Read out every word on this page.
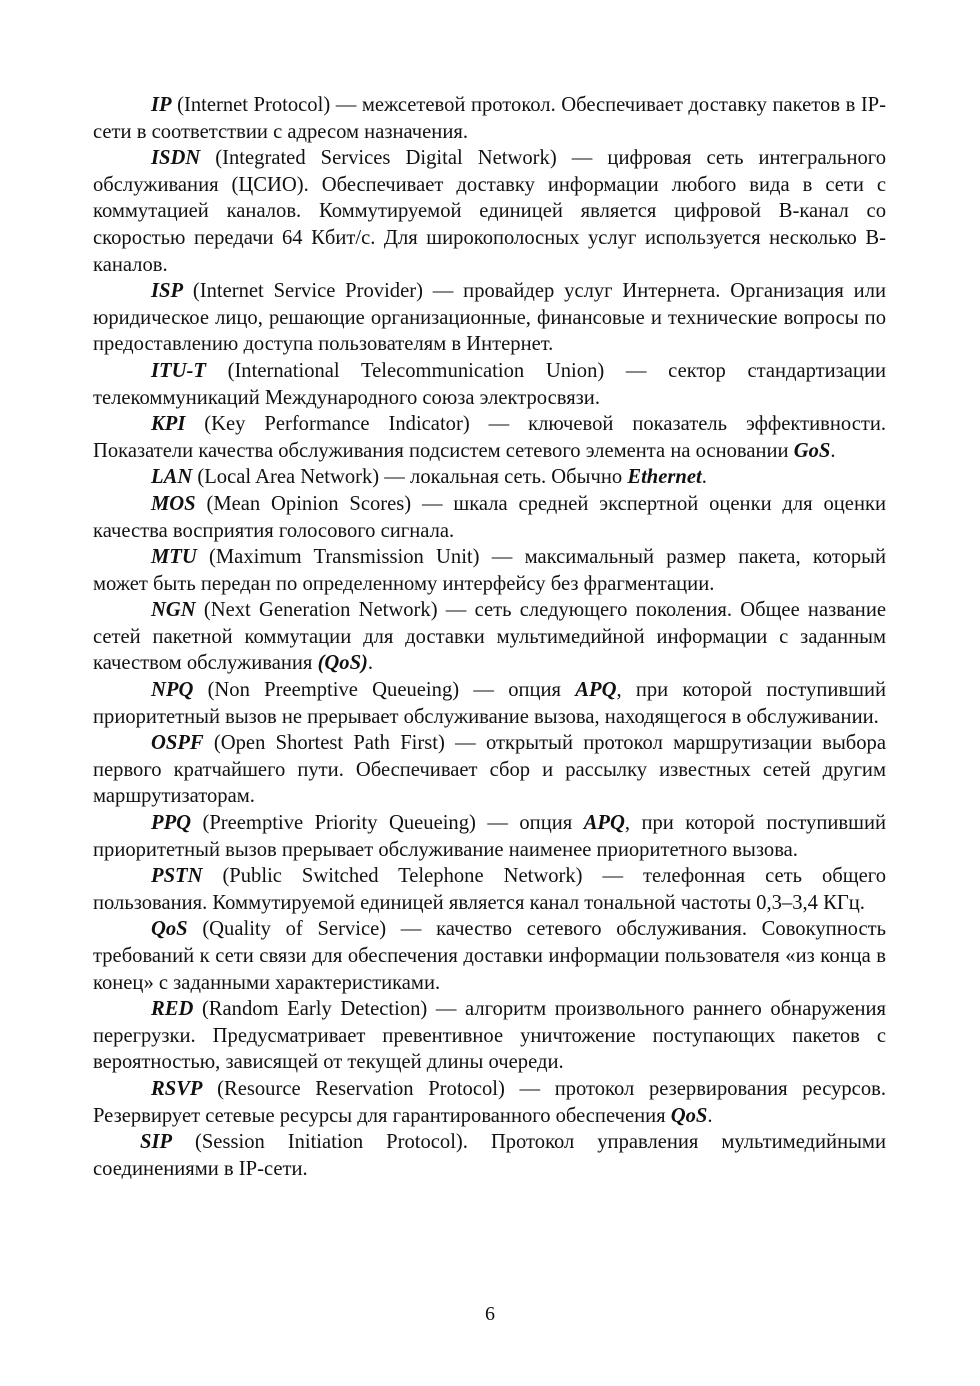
IP (Internet Protocol) — межсетевой протокол. Обеспечивает доставку пакетов в IP-сети в соответствии с адресом назначения.

ISDN (Integrated Services Digital Network) — цифровая сеть интегрального обслуживания (ЦСИО). Обеспечивает доставку информации любого вида в сети с коммутацией каналов. Коммутируемой единицей является цифровой B-канал со скоростью передачи 64 Кбит/с. Для широкополосных услуг используется несколько B-каналов.

ISP (Internet Service Provider) — провайдер услуг Интернета. Организация или юридическое лицо, решающие организационные, финансовые и технические вопросы по предоставлению доступа пользователям в Интернет.

ITU-T (International Telecommunication Union) — сектор стандартизации телекоммуникаций Международного союза электросвязи.

KPI (Key Performance Indicator) — ключевой показатель эффективности. Показатели качества обслуживания подсистем сетевого элемента на основании GoS.

LAN (Local Area Network) — локальная сеть. Обычно Ethernet.

MOS (Mean Opinion Scores) — шкала средней экспертной оценки для оценки качества восприятия голосового сигнала.

MTU (Maximum Transmission Unit) — максимальный размер пакета, который может быть передан по определенному интерфейсу без фрагментации.

NGN (Next Generation Network) — сеть следующего поколения. Общее название сетей пакетной коммутации для доставки мультимедийной информации с заданным качеством обслуживания (QoS).

NPQ (Non Preemptive Queueing) — опция APQ, при которой поступивший приоритетный вызов не прерывает обслуживание вызова, находящегося в обслуживании.

OSPF (Open Shortest Path First) — открытый протокол маршрутизации выбора первого кратчайшего пути. Обеспечивает сбор и рассылку известных сетей другим маршрутизаторам.

PPQ (Preemptive Priority Queueing) — опция APQ, при которой поступивший приоритетный вызов прерывает обслуживание наименее приоритетного вызова.

PSTN (Public Switched Telephone Network) — телефонная сеть общего пользования. Коммутируемой единицей является канал тональной частоты 0,3–3,4 КГц.

QoS (Quality of Service) — качество сетевого обслуживания. Совокупность требований к сети связи для обеспечения доставки информации пользователя «из конца в конец» с заданными характеристиками.

RED (Random Early Detection) — алгоритм произвольного раннего обнаружения перегрузки. Предусматривает превентивное уничтожение поступающих пакетов с вероятностью, зависящей от текущей длины очереди.

RSVP (Resource Reservation Protocol) — протокол резервирования ресурсов. Резервирует сетевые ресурсы для гарантированного обеспечения QoS.

SIP (Session Initiation Protocol). Протокол управления мультимедийными соединениями в IP-сети.

6
